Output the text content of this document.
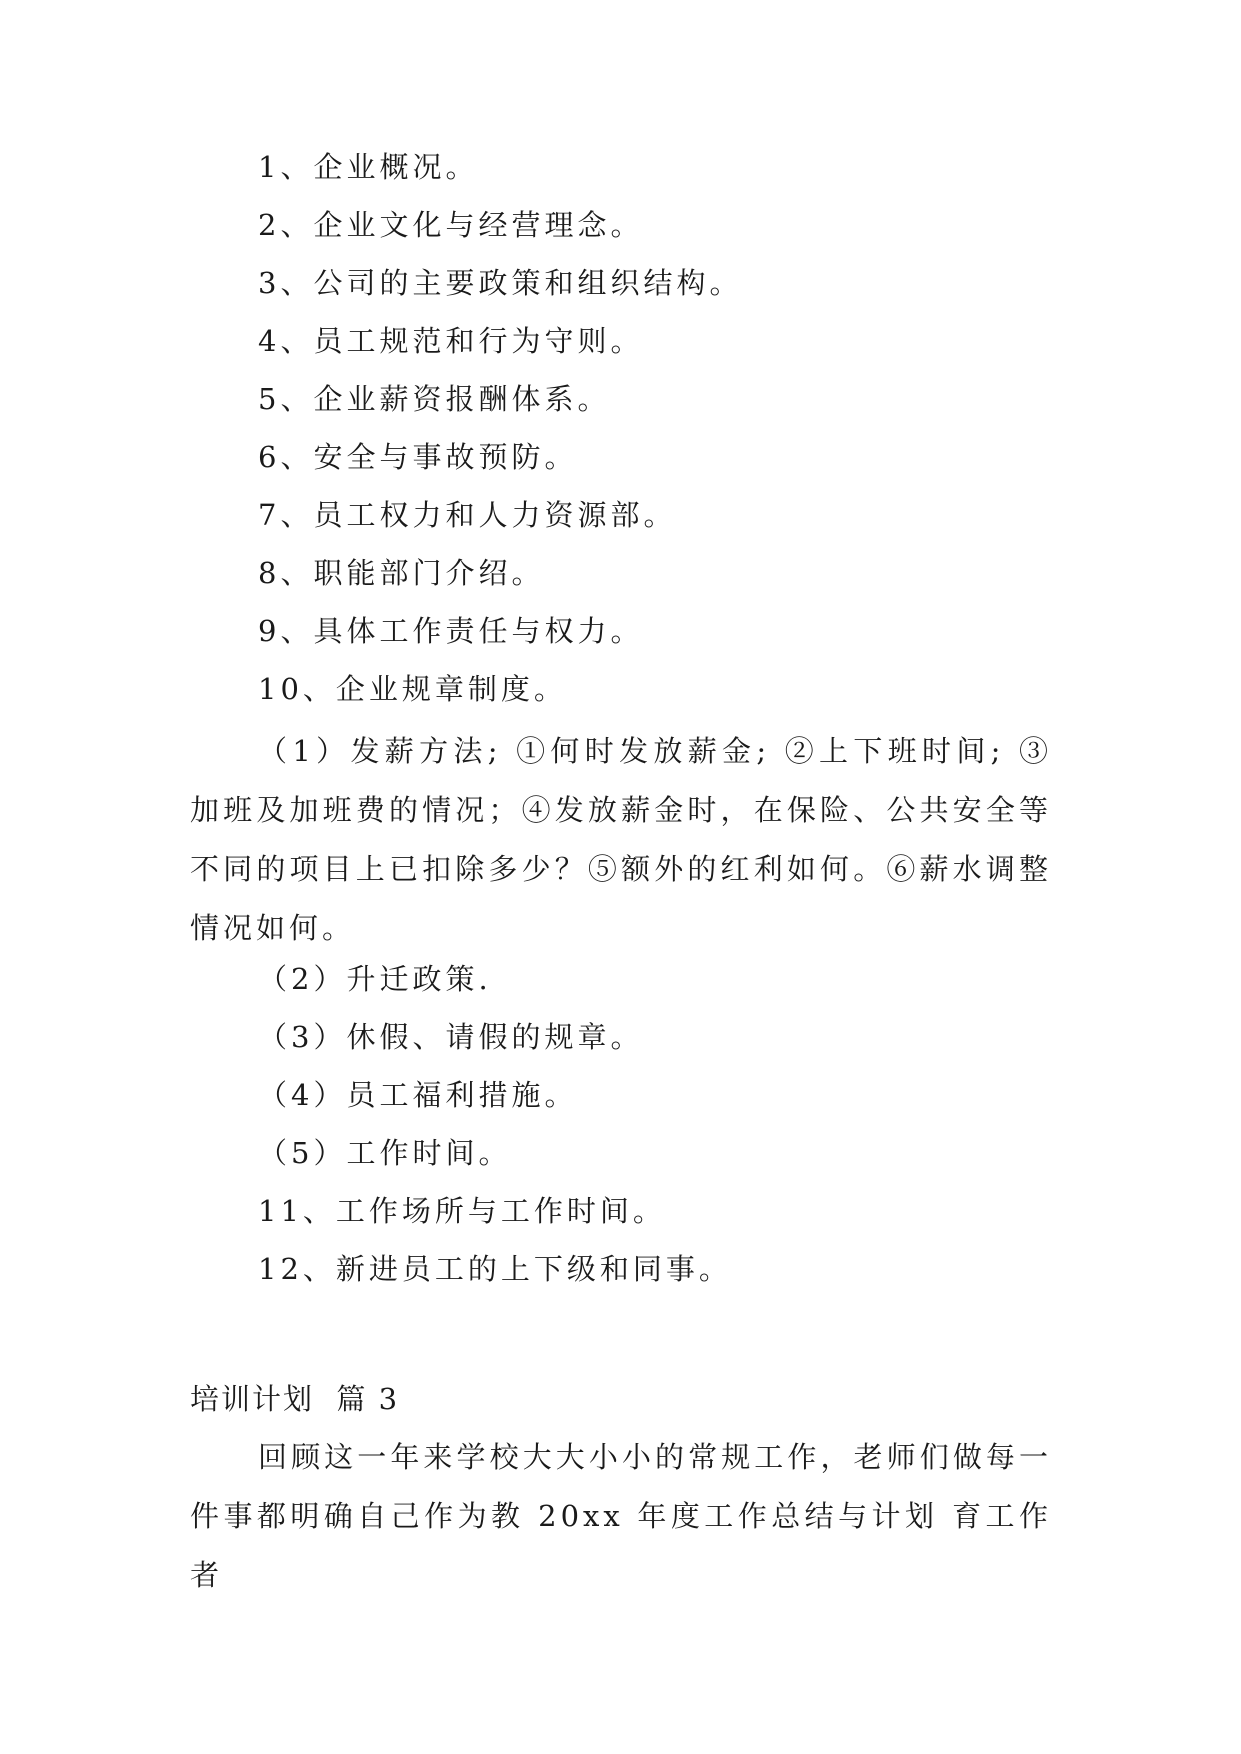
1、企业概况。
2、企业文化与经营理念。
3、公司的主要政策和组织结构。
4、员工规范和行为守则。
5、企业薪资报酬体系。
6、安全与事故预防。
7、员工权力和人力资源部。
8、职能部门介绍。
9、具体工作责任与权力。
10、企业规章制度。
（1）发薪方法; ①何时发放薪金; ②上下班时间; ③加班及加班费的情况；④发放薪金时，在保险、公共安全等不同的项目上已扣除多少？⑤额外的红利如何。⑥薪水调整情况如何。
（2）升迁政策.
（3）休假、请假的规章。
（4）员工福利措施。
（5）工作时间。
11、工作场所与工作时间。
12、新进员工的上下级和同事。
培训计划  篇 3
回顾这一年来学校大大小小的常规工作，老师们做每一件事都明确自己作为教 20xx 年度工作总结与计划 育工作者
